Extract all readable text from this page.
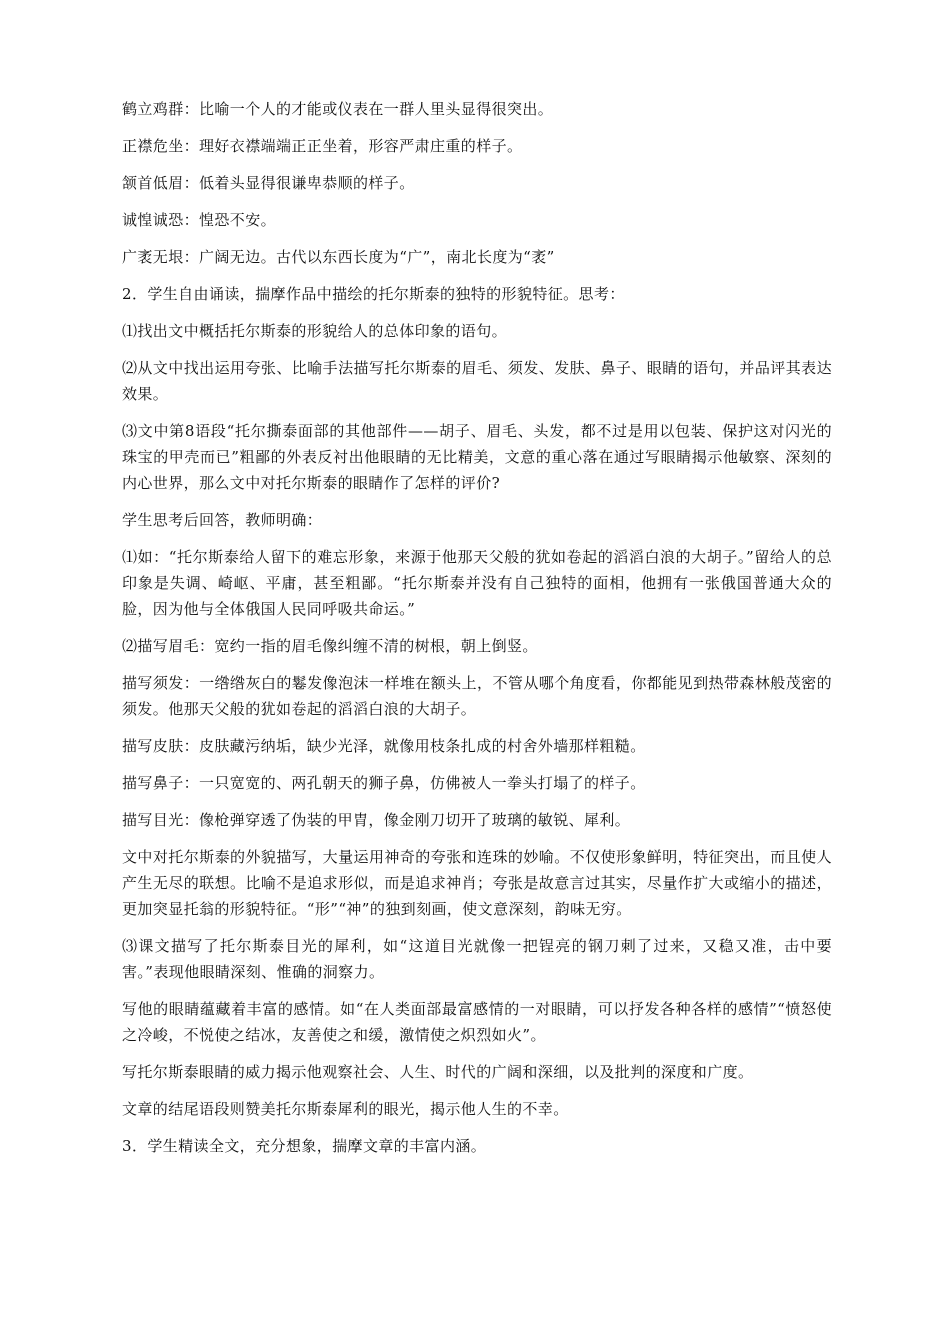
鹤立鸡群：比喻一个人的才能或仪表在一群人里头显得很突出。

正襟危坐：理好衣襟端端正正坐着，形容严肃庄重的样子。

颔首低眉：低着头显得很谦卑恭顺的样子。

诚惶诚恐：惶恐不安。

广袤无垠：广阔无边。古代以东西长度为“广”，南北长度为“袤”

2．学生自由诵读，揣摩作品中描绘的托尔斯泰的独特的形貌特征。思考：

⑴找出文中概括托尔斯泰的形貌给人的总体印象的语句。

⑵从文中找出运用夸张、比喻手法描写托尔斯泰的眉毛、须发、发肤、鼻子、眼睛的语句，并品评其表达效果。

⑶文中第8语段“托尔撕泰面部的其他部件——胡子、眉毛、头发，都不过是用以包装、保护这对闪光的珠宝的甲壳而已”粗鄙的外表反衬出他眼睛的无比精美，文意的重心落在通过写眼睛揭示他敏察、深刻的内心世界，那么文中对托尔斯泰的眼睛作了怎样的评价?

学生思考后回答，教师明确：

⑴如：“托尔斯泰给人留下的难忘形象，来源于他那天父般的犹如卷起的滔滔白浪的大胡子。”留给人的总印象是失调、崎岖、平庸，甚至粗鄙。“托尔斯泰并没有自己独特的面相，他拥有一张俄国普通大众的脸，因为他与全体俄国人民同呼吸共命运。”

⑵描写眉毛：宽约一指的眉毛像纠缠不清的树根，朝上倒竖。

描写须发：一绺绺灰白的鬈发像泡沫一样堆在额头上，不管从哪个角度看，你都能见到热带森林般茂密的须发。他那天父般的犹如卷起的滔滔白浪的大胡子。

描写皮肤：皮肤藏污纳垢，缺少光泽，就像用枝条扎成的村舍外墙那样粗糙。

描写鼻子：一只宽宽的、两孔朝天的狮子鼻，仿佛被人一拳头打塌了的样子。

描写目光：像枪弹穿透了伪装的甲胄，像金刚刀切开了玻璃的敏锐、犀利。

文中对托尔斯泰的外貌描写，大量运用神奇的夸张和连珠的妙喻。不仅使形象鲜明，特征突出，而且使人产生无尽的联想。比喻不是追求形似，而是追求神肖；夸张是故意言过其实，尽量作扩大或缩小的描述，更加突显托翁的形貌特征。“形”“神”的独到刻画，使文意深刻，韵味无穷。

⑶课文描写了托尔斯泰目光的犀利，如“这道目光就像一把锃亮的钢刀刺了过来，又稳又准，击中要害。”表现他眼睛深刻、惟确的洞察力。

写他的眼睛蕴藏着丰富的感情。如“在人类面部最富感情的一对眼睛，可以抒发各种各样的感情”“愤怒使之冷峻，不悦使之结冰，友善使之和缓，激情使之炽烈如火”。

写托尔斯泰眼睛的威力揭示他观察社会、人生、时代的广阔和深细，以及批判的深度和广度。

文章的结尾语段则赞美托尔斯泰犀利的眼光，揭示他人生的不幸。

3．学生精读全文，充分想象，揣摩文章的丰富内涵。
